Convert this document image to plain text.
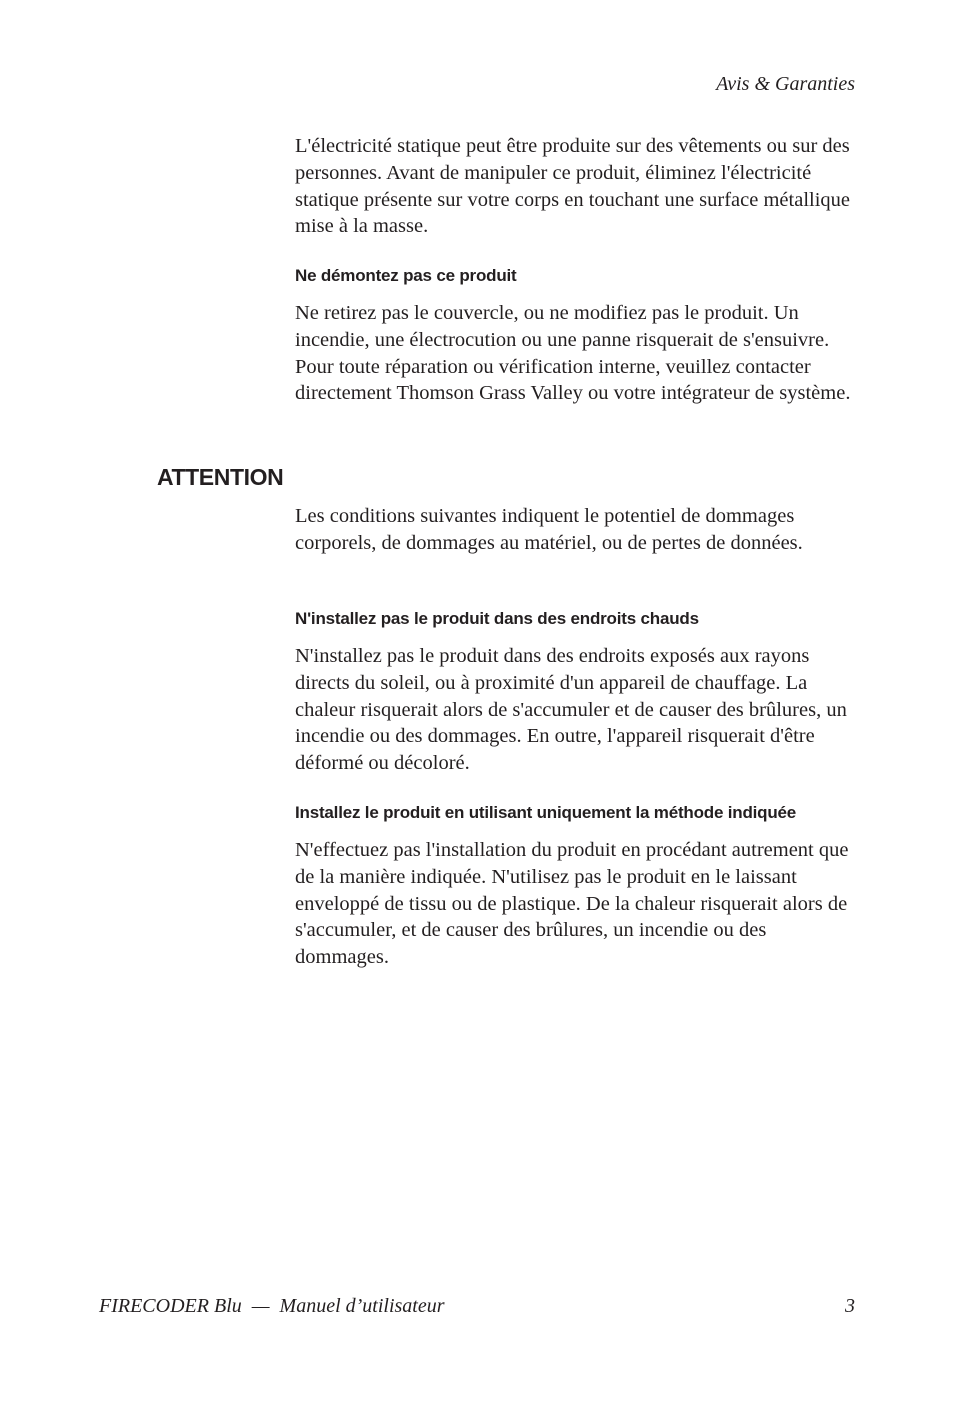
Avis & Garanties

L'électricité statique peut être produite sur des vêtements ou sur des personnes. Avant de manipuler ce produit, éliminez l'électricité statique présente sur votre corps en touchant une surface métallique mise à la masse.

Ne démontez pas ce produit

Ne retirez pas le couvercle, ou ne modifiez pas le produit. Un incendie, une électrocution ou une panne risquerait de s'ensuivre. Pour toute réparation ou vérification interne, veuillez contacter directement Thomson Grass Valley ou votre intégrateur de système.

ATTENTION

Les conditions suivantes indiquent le potentiel de dommages corporels, de dommages au matériel, ou de pertes de données.

N'installez pas le produit dans des endroits chauds

N'installez pas le produit dans des endroits exposés aux rayons directs du soleil, ou à proximité d'un appareil de chauffage. La chaleur risquerait alors de s'accumuler et de causer des brûlures, un incendie ou des dommages. En outre, l'appareil risquerait d'être déformé ou décoloré.

Installez le produit en utilisant uniquement la méthode indiquée

N'effectuez pas l'installation du produit en procédant autrement que de la manière indiquée. N'utilisez pas le produit en le laissant enveloppé de tissu ou de plastique. De la chaleur risquerait alors de s'accumuler, et de causer des brûlures, un incendie ou des dommages.

FIRECODER Blu  —  Manuel d’utilisateur	3
